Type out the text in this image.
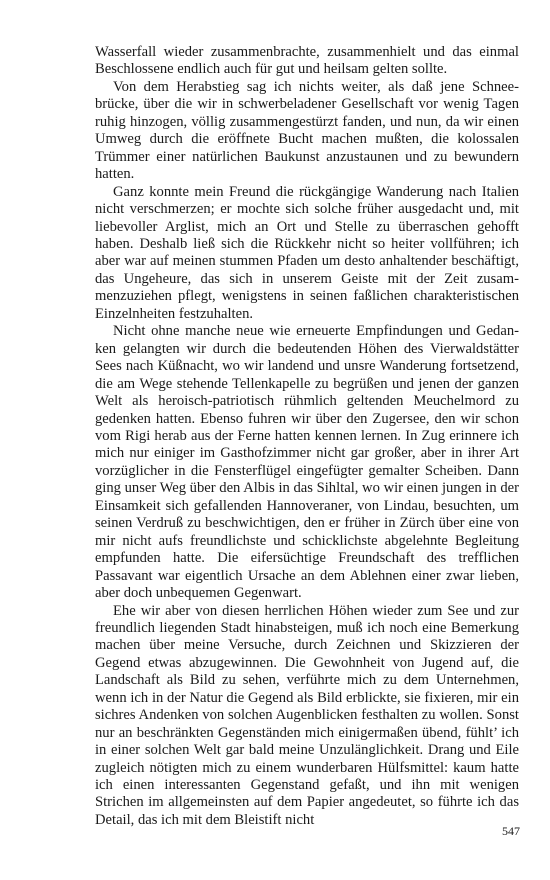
Wasserfall wieder zusammenbrachte, zusammenhielt und das einmal Beschlossene endlich auch für gut und heilsam gelten sollte.

Von dem Herabstieg sag ich nichts weiter, als daß jene Schneebrücke, über die wir in schwerbeladener Gesellschaft vor wenig Tagen ruhig hinzogen, völlig zusammengestürzt fanden, und nun, da wir einen Umweg durch die eröffnete Bucht machen mußten, die kolossalen Trümmer einer natürlichen Baukunst anzustaunen und zu bewundern hatten.

Ganz konnte mein Freund die rückgängige Wanderung nach Italien nicht verschmerzen; er mochte sich solche früher ausgedacht und, mit liebevoller Arglist, mich an Ort und Stelle zu überraschen gehofft haben. Deshalb ließ sich die Rückkehr nicht so heiter vollführen; ich aber war auf meinen stummen Pfaden um desto anhaltender beschäftigt, das Ungeheure, das sich in unserem Geiste mit der Zeit zusammenzuziehen pflegt, wenigstens in seinen faßlichen charakteristischen Einzelnheiten festzuhalten.

Nicht ohne manche neue wie erneuerte Empfindungen und Gedanken gelangten wir durch die bedeutenden Höhen des Vierwaldstätter Sees nach Küßnacht, wo wir landend und unsre Wanderung fortsetzend, die am Wege stehende Tellenkapelle zu begrüßen und jenen der ganzen Welt als heroisch-patriotisch rühmlich geltenden Meuchelmord zu gedenken hatten. Ebenso fuhren wir über den Zugersee, den wir schon vom Rigi herab aus der Ferne hatten kennen lernen. In Zug erinnere ich mich nur einiger im Gasthofzimmer nicht gar großer, aber in ihrer Art vorzüglicher in die Fensterflügel eingefügter gemalter Scheiben. Dann ging unser Weg über den Albis in das Sihltal, wo wir einen jungen in der Einsamkeit sich gefallenden Hannoveraner, von Lindau, besuchten, um seinen Verdruß zu beschwichtigen, den er früher in Zürch über eine von mir nicht aufs freundlichste und schicklichste abgelehnte Begleitung empfunden hatte. Die eifersüchtige Freundschaft des trefflichen Passavant war eigentlich Ursache an dem Ablehnen einer zwar lieben, aber doch unbequemen Gegenwart.

Ehe wir aber von diesen herrlichen Höhen wieder zum See und zur freundlich liegenden Stadt hinabsteigen, muß ich noch eine Bemerkung machen über meine Versuche, durch Zeichnen und Skizzieren der Gegend etwas abzugewinnen. Die Gewohnheit von Jugend auf, die Landschaft als Bild zu sehen, verführte mich zu dem Unternehmen, wenn ich in der Natur die Gegend als Bild erblickte, sie fixieren, mir ein sichres Andenken von solchen Augenblicken festhalten zu wollen. Sonst nur an beschränkten Gegenständen mich einigermaßen übend, fühlt’ ich in einer solchen Welt gar bald meine Unzulänglichkeit. Drang und Eile zugleich nötigten mich zu einem wunderbaren Hülfsmittel: kaum hatte ich einen interessanten Gegenstand gefaßt, und ihn mit wenigen Strichen im allgemeinsten auf dem Papier angedeutet, so führte ich das Detail, das ich mit dem Bleistift nicht

547
